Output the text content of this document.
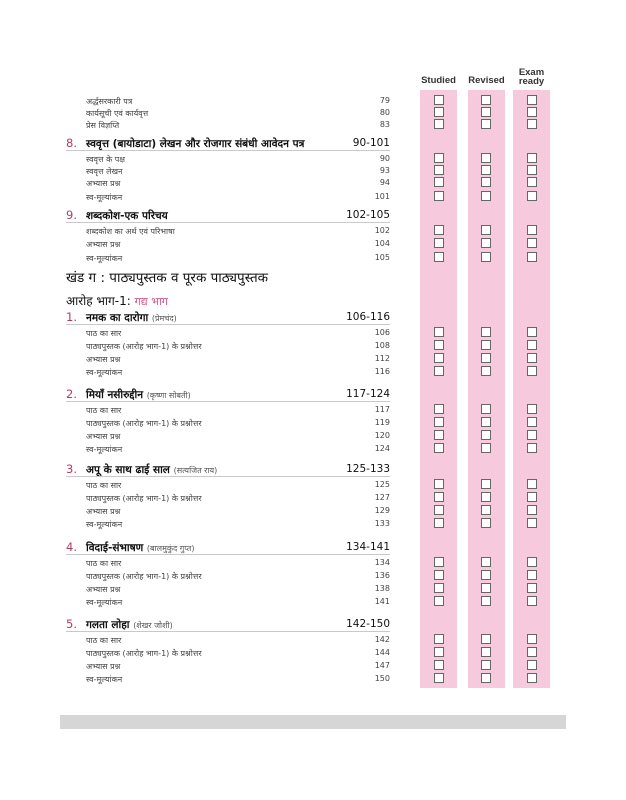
Studied	Revised
Exam ready
अर्द्धसरकारी पत्र	79
कार्यसूची एवं कार्यवृत्त	80
प्रेस विज्ञप्ति	83
8. स्ववृत्त (बायोडाटा) लेखन और रोजगार संबंधी आवेदन पत्र	90-101
स्ववृत्त के पक्ष	90
स्ववृत्त लेखन	93
अभ्यास प्रश्न	94
स्व-मूल्यांकन	101
9. शब्दकोश-एक परिचय	102-105
शब्दकोश का अर्थ एवं परिभाषा	102
अभ्यास प्रश्न	104
स्व-मूल्यांकन	105
खंड ग : पाठ्यपुस्तक व पूरक पाठ्यपुस्तक
आरोह भाग-1: गद्य भाग
1. नमक का दारोगा (प्रेमचंद)	106-116
पाठ का सार	106
पाठ्यपुस्तक (आरोह भाग-1) के प्रश्नोत्तर	108
अभ्यास प्रश्न	112
स्व-मूल्यांकन	116
2. मियाँ नसीरुद्दीन (कृष्णा सोबती)	117-124
पाठ का सार	117
पाठ्यपुस्तक (आरोह भाग-1) के प्रश्नोत्तर	119
अभ्यास प्रश्न	120
स्व-मूल्यांकन	124
3. अपू के साथ ढाई साल (सत्यजित राय)	125-133
पाठ का सार	125
पाठ्यपुस्तक (आरोह भाग-1) के प्रश्नोत्तर	127
अभ्यास प्रश्न	129
स्व-मूल्यांकन	133
4. विदाई-संभाषण (बालमुकुंद गुप्त)	134-141
पाठ का सार	134
पाठ्यपुस्तक (आरोह भाग-1) के प्रश्नोत्तर	136
अभ्यास प्रश्न	138
स्व-मूल्यांकन	141
5. गलता लोहा (शेखर जोशी)	142-150
पाठ का सार	142
पाठ्यपुस्तक (आरोह भाग-1) के प्रश्नोत्तर	144
अभ्यास प्रश्न	147
स्व-मूल्यांकन	150
